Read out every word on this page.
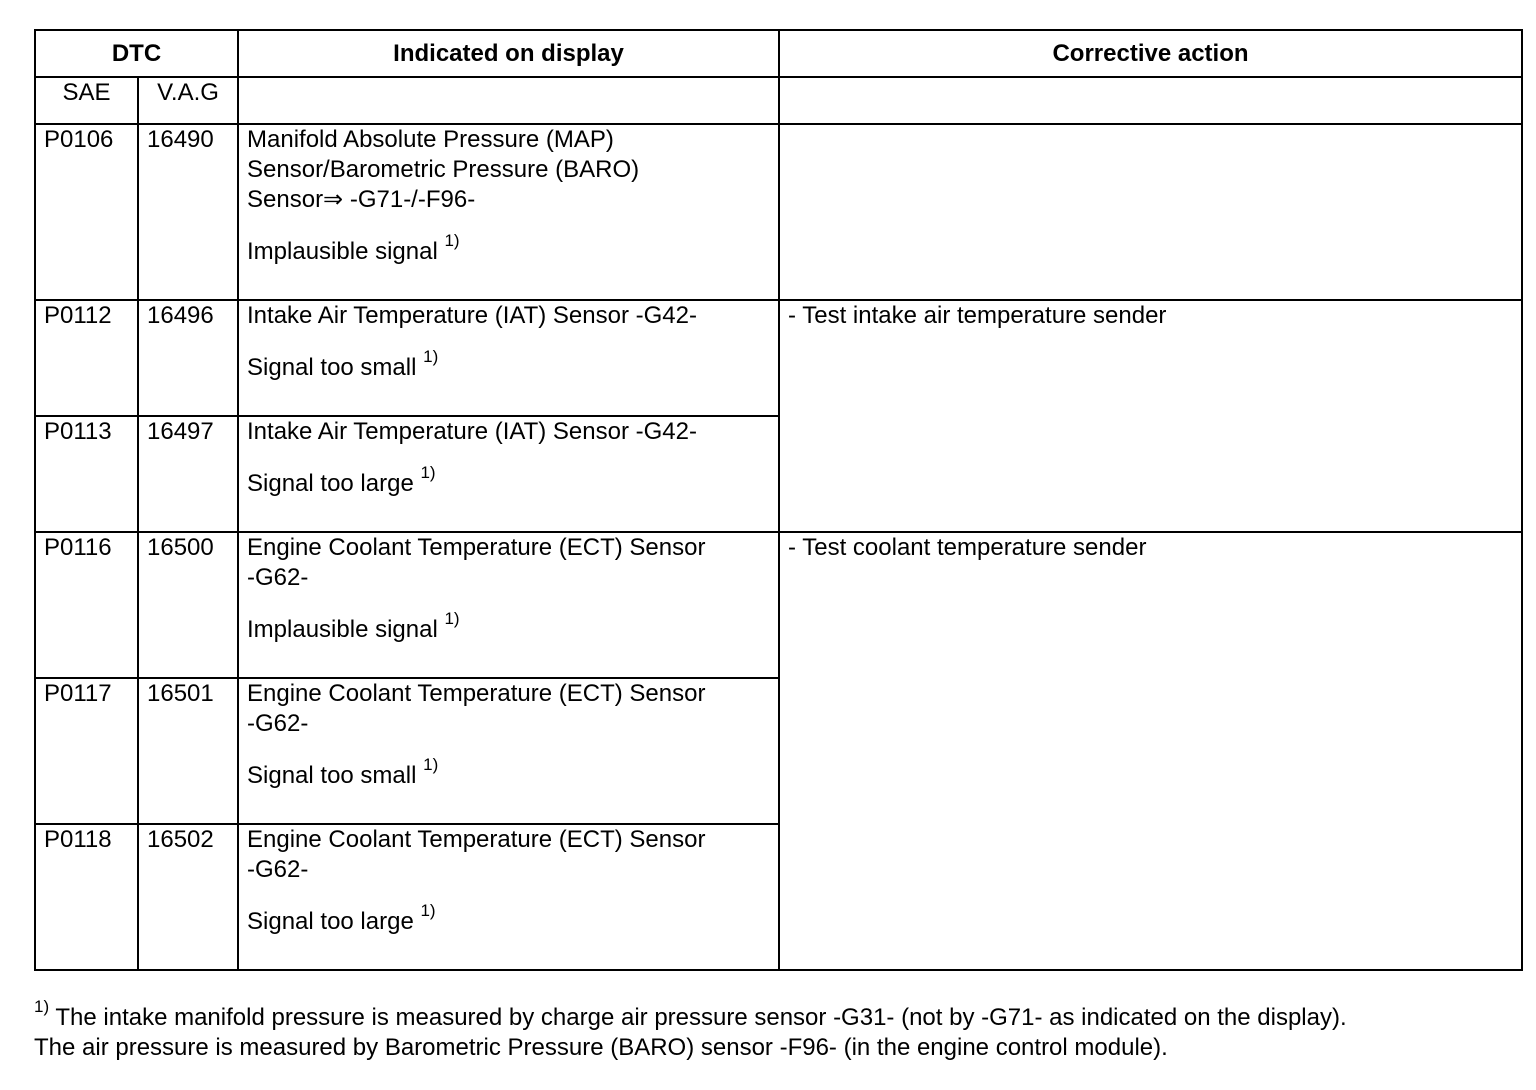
DTC		Indicated on display	Corrective action
SAE	V.A.G		
P0106	16490	Manifold Absolute Pressure (MAP)
Sensor/Barometric Pressure (BARO)
Sensor⇒ -G71-/-F96-
Implausible signal $^{1)}$

P0112	16496	Intake Air Temperature (IAT) Sensor -G42-
Signal too small $^{1)}$	- Test intake air temperature sender
P0113	16497	Intake Air Temperature (IAT) Sensor -G42-
Signal too large $^{1)}$

P0116	16500	Engine Coolant Temperature (ECT) Sensor
-G62-
Implausible signal $^{1)}$	- Test coolant temperature sender
P0117	16501	Engine Coolant Temperature (ECT) Sensor
-G62-
Signal too small $^{1)}$

P0118	16502	Engine Coolant Temperature (ECT) Sensor
-G62-
Signal too large $^{1)}$
$^{1)}$ The intake manifold pressure is measured by charge air pressure sensor -G31- (not by -G71- as indicated on the display).
The air pressure is measured by Barometric Pressure (BARO) sensor -F96- (in the engine control module).
